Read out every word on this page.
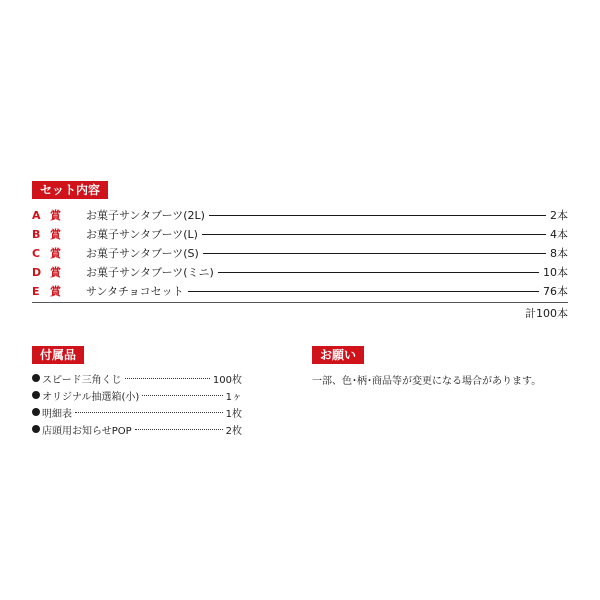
セット内容
A 賞	お菓子サンタブーツ(2L)	2本
B 賞	お菓子サンタブーツ(L)	4本
C 賞	お菓子サンタブーツ(S)	8本
D 賞	お菓子サンタブーツ(ミニ)	10本
E 賞	サンタチョコセット	76本
計100本
付属品
スピード三角くじ	100枚
オリジナル抽選箱(小)	1ヶ
明細表	1枚
店頭用お知らせPOP	2枚
お願い
一部、色･柄･商品等が変更になる場合があります。
